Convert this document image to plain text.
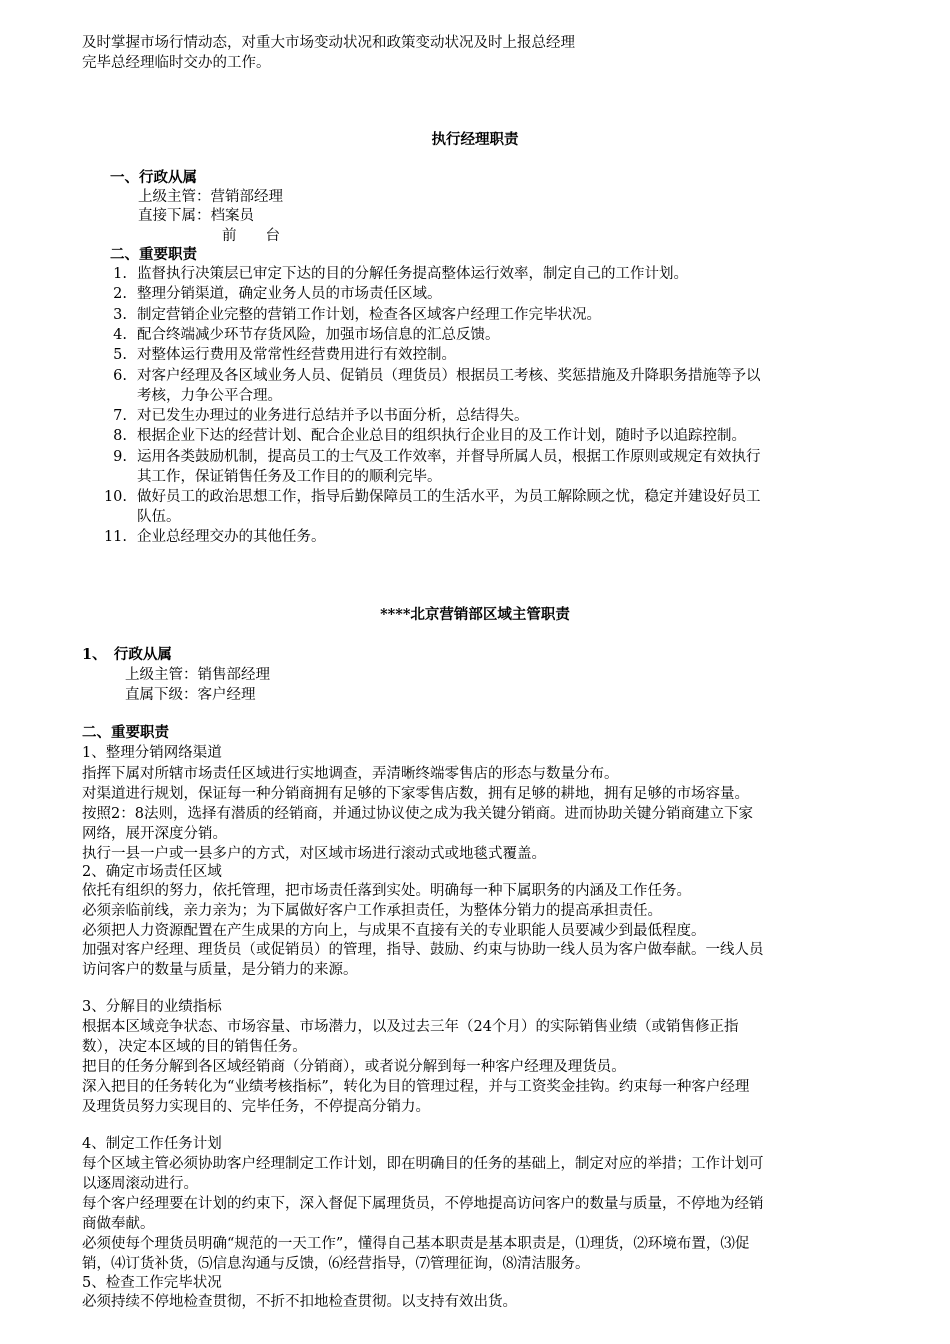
及时掌握市场行情动态，对重大市场变动状况和政策变动状况及时上报总经理

完毕总经理临时交办的工作。

执行经理职责

一、行政从属

上级主管：营销部经理

直接下属：档案员

前　　台

二、重要职责

1. 监督执行决策层已审定下达的目的分解任务提高整体运行效率，制定自己的工作计划。

2. 整理分销渠道，确定业务人员的市场责任区域。

3. 制定营销企业完整的营销工作计划，检查各区域客户经理工作完毕状况。

4. 配合终端减少环节存货风险，加强市场信息的汇总反馈。

5. 对整体运行费用及常常性经营费用进行有效控制。

6. 对客户经理及各区域业务人员、促销员（理货员）根据员工考核、奖惩措施及升降职务措施等予以

考核，力争公平合理。

7. 对已发生办理过的业务进行总结并予以书面分析，总结得失。

8. 根据企业下达的经营计划、配合企业总目的组织执行企业目的及工作计划，随时予以追踪控制。

9. 运用各类鼓励机制，提高员工的士气及工作效率，并督导所属人员，根据工作原则或规定有效执行

其工作，保证销售任务及工作目的的顺利完毕。

10. 做好员工的政治思想工作，指导后勤保障员工的生活水平，为员工解除顾之忧，稳定并建设好员工

队伍。

11. 企业总经理交办的其他任务。

****北京营销部区域主管职责

1、　行政从属

上级主管：销售部经理

直属下级：客户经理

二、重要职责

1、整理分销网络渠道

指挥下属对所辖市场责任区域进行实地调查，弄清晰终端零售店的形态与数量分布。

对渠道进行规划，保证每一种分销商拥有足够的下家零售店数，拥有足够的耕地，拥有足够的市场容量。

按照2：8法则，选择有潜质的经销商，并通过协议使之成为我关键分销商。进而协助关键分销商建立下家

网络，展开深度分销。

执行一县一户或一县多户的方式，对区域市场进行滚动式或地毯式覆盖。

2、确定市场责任区域

依托有组织的努力，依托管理，把市场责任落到实处。明确每一种下属职务的内涵及工作任务。

必须亲临前线，亲力亲为；为下属做好客户工作承担责任，为整体分销力的提高承担责任。

必须把人力资源配置在产生成果的方向上，与成果不直接有关的专业职能人员要减少到最低程度。

加强对客户经理、理货员（或促销员）的管理，指导、鼓励、约束与协助一线人员为客户做奉献。一线人员

访问客户的数量与质量，是分销力的来源。

3、分解目的业绩指标

根据本区域竞争状态、市场容量、市场潜力，以及过去三年（24个月）的实际销售业绩（或销售修正指

数），决定本区域的目的销售任务。

把目的任务分解到各区域经销商（分销商），或者说分解到每一种客户经理及理货员。

深入把目的任务转化为“业绩考核指标”，转化为目的管理过程，并与工资奖金挂钩。约束每一种客户经理

及理货员努力实现目的、完毕任务，不停提高分销力。

4、制定工作任务计划

每个区域主管必须协助客户经理制定工作计划，即在明确目的任务的基础上，制定对应的举措；工作计划可

以逐周滚动进行。

每个客户经理要在计划的约束下，深入督促下属理货员，不停地提高访问客户的数量与质量，不停地为经销

商做奉献。

必须使每个理货员明确“规范的一天工作”，懂得自己基本职责是基本职责是，⑴理货，⑵环境布置，⑶促

销，⑷订货补货，⑸信息沟通与反馈，⑹经营指导，⑺管理征询，⑻清洁服务。

5、检查工作完毕状况

必须持续不停地检查贯彻，不折不扣地检查贯彻。以支持有效出货。
